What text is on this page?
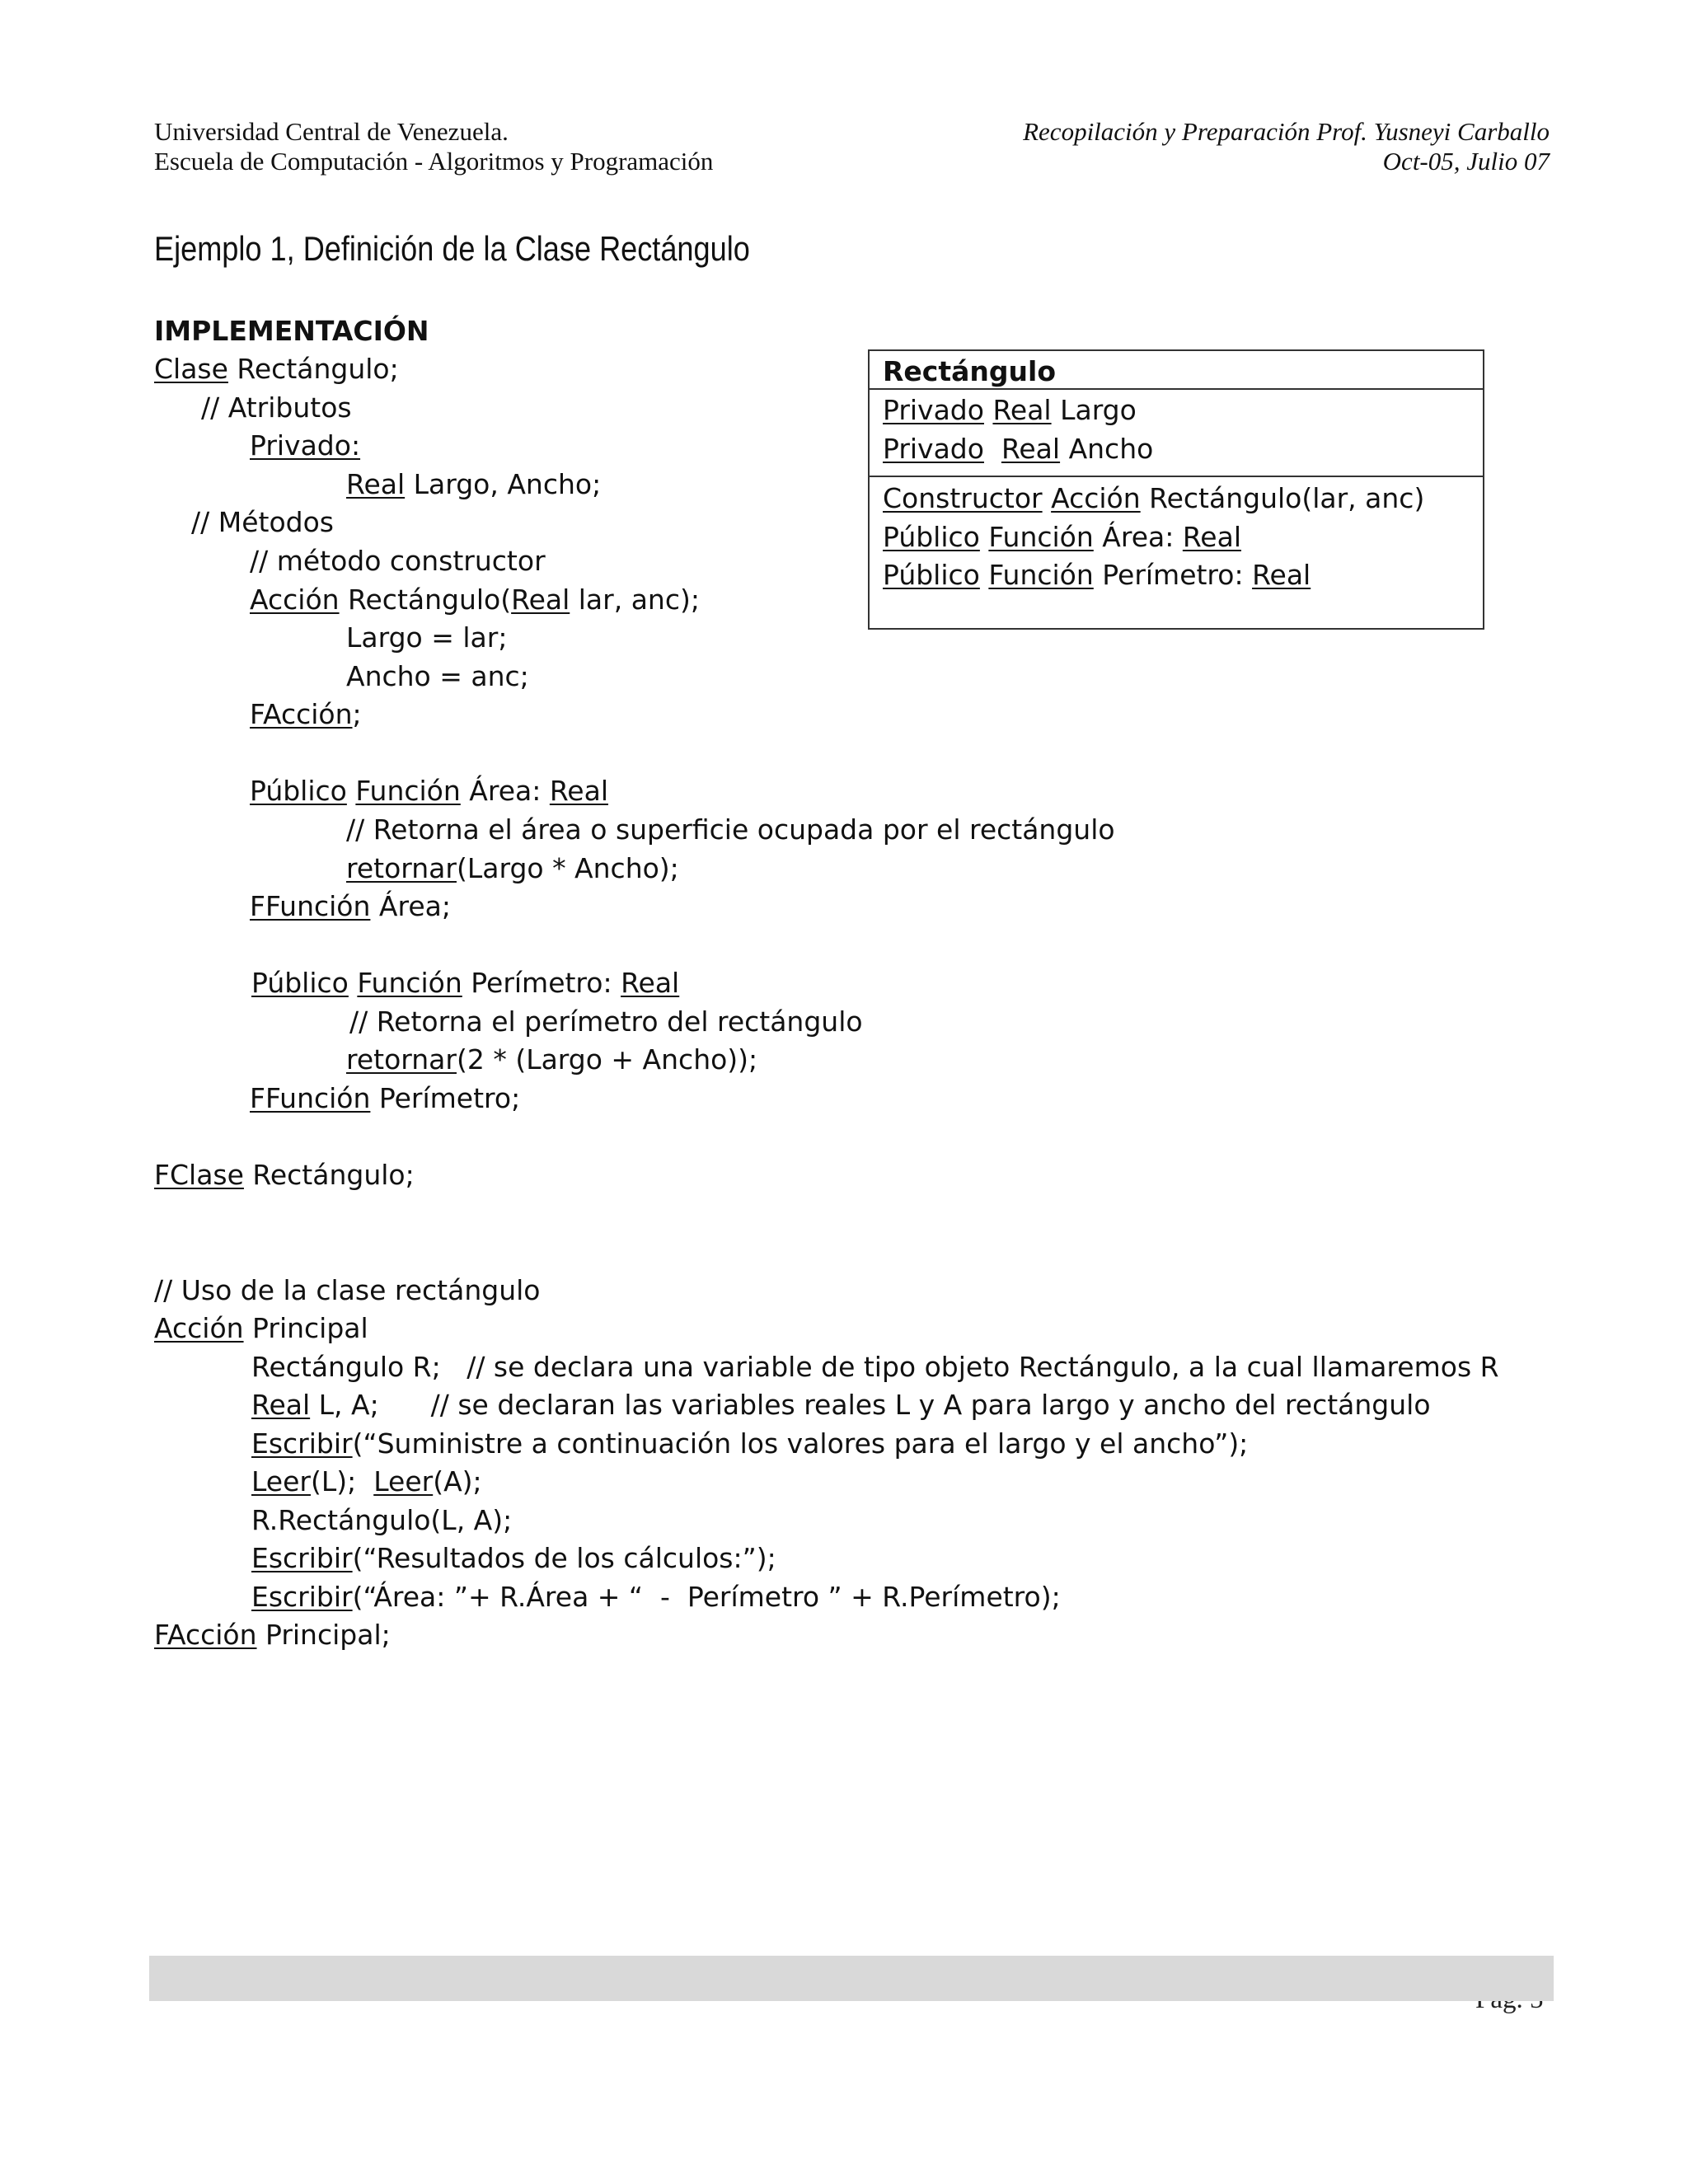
Universidad Central de Venezuela.
Escuela de Computación - Algoritmos y Programación
Recopilación y Preparación Prof. Yusneyi Carballo
Oct-05, Julio 07
Ejemplo 1, Definición de la Clase Rectángulo
IMPLEMENTACIÓN
Clase Rectángulo;
// Atributos
Privado:
Real Largo, Ancho;
// Métodos
// método constructor
Acción Rectángulo(Real lar, anc);
Largo = lar;
Ancho = anc;
FAcción;
Público Función Área: Real
// Retorna el área o superficie ocupada por el rectángulo
retornar(Largo * Ancho);
FFunción Área;
Público Función Perímetro: Real
// Retorna el perímetro del rectángulo
retornar(2 * (Largo + Ancho));
FFunción Perímetro;
FClase Rectángulo;
// Uso de la clase rectángulo
Acción Principal
Rectángulo R;   // se declara una variable de tipo objeto Rectángulo, a la cual llamaremos R
Real L, A;      // se declaran las variables reales L y A para largo y ancho del rectángulo
Escribir(“Suministre a continuación los valores para el largo y el ancho”);
Leer(L);  Leer(A);
R.Rectángulo(L, A);
Escribir(“Resultados de los cálculos:”);
Escribir(“Área: ”+ R.Área + “  -  Perímetro ” + R.Perímetro);
FAcción Principal;
Rectángulo
Privado Real Largo
Privado Real Ancho
Constructor Acción Rectángulo(lar, anc)
Público Función Área: Real
Público Función Perímetro: Real
